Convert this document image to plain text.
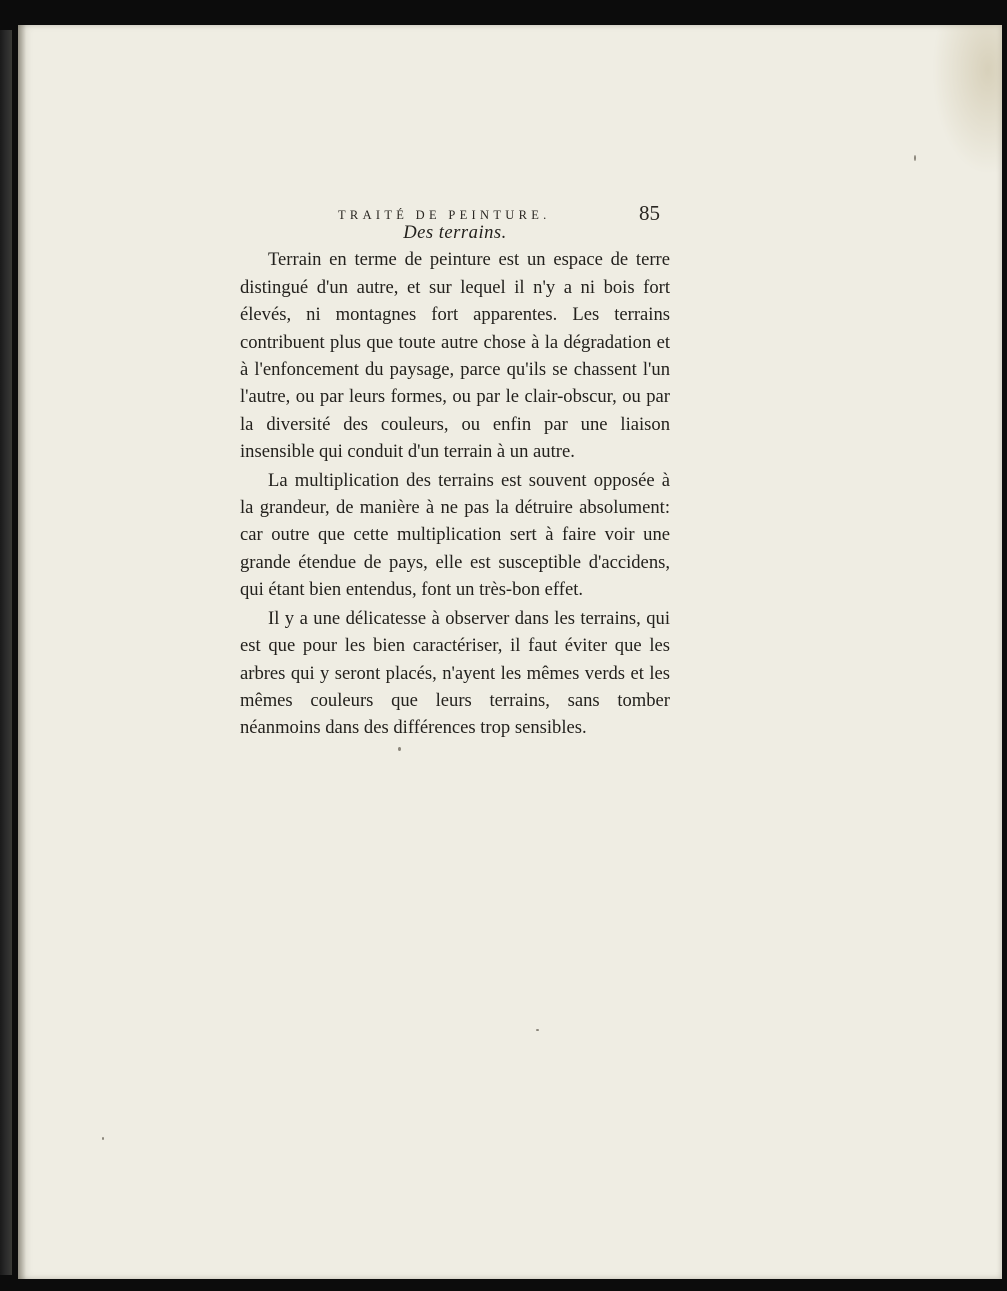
TRAITÉ DE PEINTURE.	85
Des terrains.

Terrain en terme de peinture est un espace de terre distingué d'un autre, et sur lequel il n'y a ni bois fort élevés, ni montagnes fort apparentes. Les terrains contribuent plus que toute autre chose à la dégradation et à l'enfoncement du paysage, parce qu'ils se chassent l'un l'autre, ou par leurs formes, ou par le clair-obscur, ou par la diversité des couleurs, ou enfin par une liaison insensible qui conduit d'un terrain à un autre.

La multiplication des terrains est souvent opposée à la grandeur, de manière à ne pas la détruire absolument: car outre que cette multiplication sert à faire voir une grande étendue de pays, elle est susceptible d'accidens, qui étant bien entendus, font un très-bon effet.

Il y a une délicatesse à observer dans les terrains, qui est que pour les bien caractériser, il faut éviter que les arbres qui y seront placés, n'ayent les mêmes verds et les mêmes couleurs que leurs terrains, sans tomber néanmoins dans des différences trop sensibles.
